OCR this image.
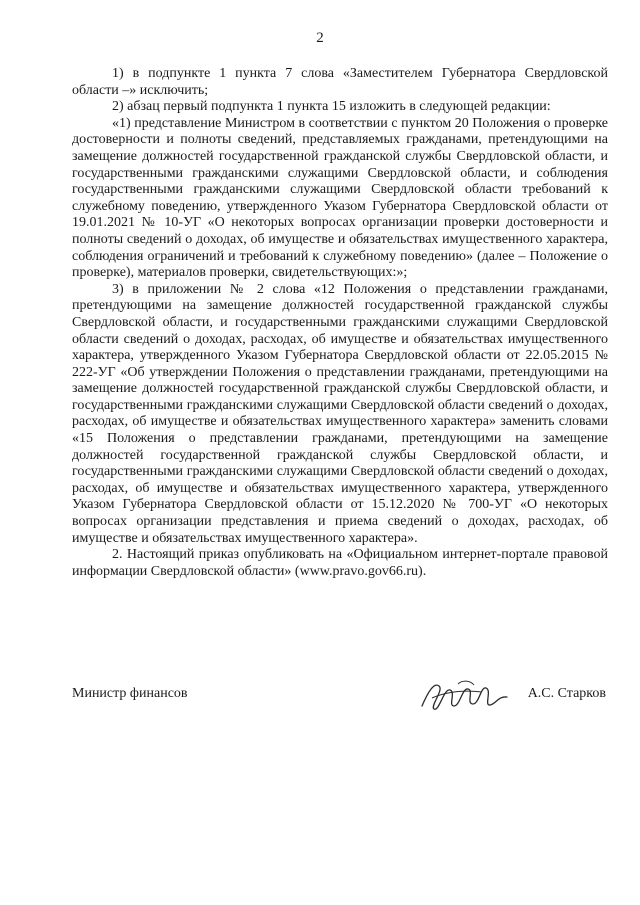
2

1) в подпункте 1 пункта 7 слова «Заместителем Губернатора Свердловской области –» исключить;

2) абзац первый подпункта 1 пункта 15 изложить в следующей редакции:

«1) представление Министром в соответствии с пунктом 20 Положения о проверке достоверности и полноты сведений, представляемых гражданами, претендующими на замещение должностей государственной гражданской службы Свердловской области, и государственными гражданскими служащими Свердловской области, и соблюдения государственными гражданскими служащими Свердловской области требований к служебному поведению, утвержденного Указом Губернатора Свердловской области от 19.01.2021 № 10-УГ «О некоторых вопросах организации проверки достоверности и полноты сведений о доходах, об имуществе и обязательствах имущественного характера, соблюдения ограничений и требований к служебному поведению» (далее – Положение о проверке), материалов проверки, свидетельствующих:»;

3) в приложении № 2 слова «12 Положения о представлении гражданами, претендующими на замещение должностей государственной гражданской службы Свердловской области, и государственными гражданскими служащими Свердловской области сведений о доходах, расходах, об имуществе и обязательствах имущественного характера, утвержденного Указом Губернатора Свердловской области от 22.05.2015 № 222-УГ «Об утверждении Положения о представлении гражданами, претендующими на замещение должностей государственной гражданской службы Свердловской области, и государственными гражданскими служащими Свердловской области сведений о доходах, расходах, об имуществе и обязательствах имущественного характера» заменить словами «15 Положения о представлении гражданами, претендующими на замещение должностей государственной гражданской службы Свердловской области, и государственными гражданскими служащими Свердловской области сведений о доходах, расходах, об имуществе и обязательствах имущественного характера, утвержденного Указом Губернатора Свердловской области от 15.12.2020 № 700-УГ «О некоторых вопросах организации представления и приема сведений о доходах, расходах, об имуществе и обязательствах имущественного характера».

2. Настоящий приказ опубликовать на «Официальном интернет-портале правовой информации Свердловской области» (www.pravo.gov66.ru).

Министр финансов	А.С. Старков
